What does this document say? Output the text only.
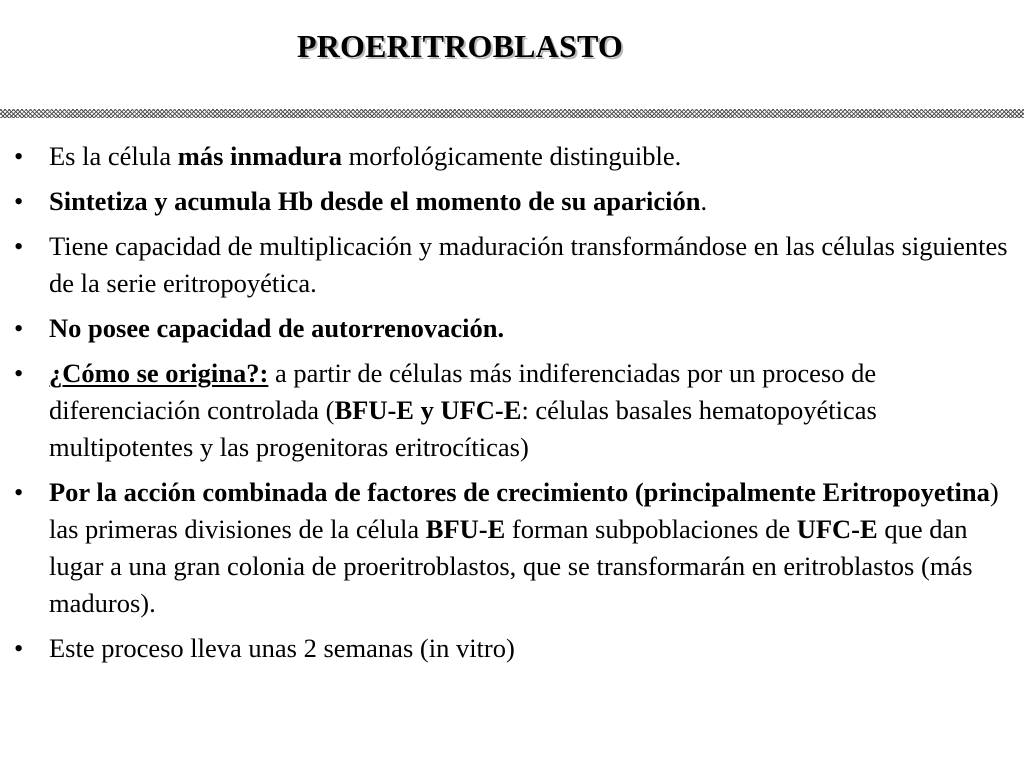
PROERITROBLASTO
• Es la célula más inmadura morfológicamente distinguible.
• Sintetiza y acumula Hb desde el momento de su aparición.
• Tiene capacidad de multiplicación y maduración transformándose en las células siguientes de la serie eritropoyética.
• No posee capacidad de autorrenovación.
• ¿Cómo se origina?: a partir de células más indiferenciadas por un proceso de diferenciación controlada (BFU-E y UFC-E: células basales hematopoyéticas multipotentes y las progenitoras eritrocíticas)
• Por la acción combinada de factores de crecimiento (principalmente Eritropoyetina) las primeras divisiones de la célula BFU-E forman subpoblaciones de UFC-E que dan lugar a una gran colonia de proeritroblastos, que se transformarán en eritroblastos (más maduros).
• Este proceso lleva unas 2 semanas (in vitro)
